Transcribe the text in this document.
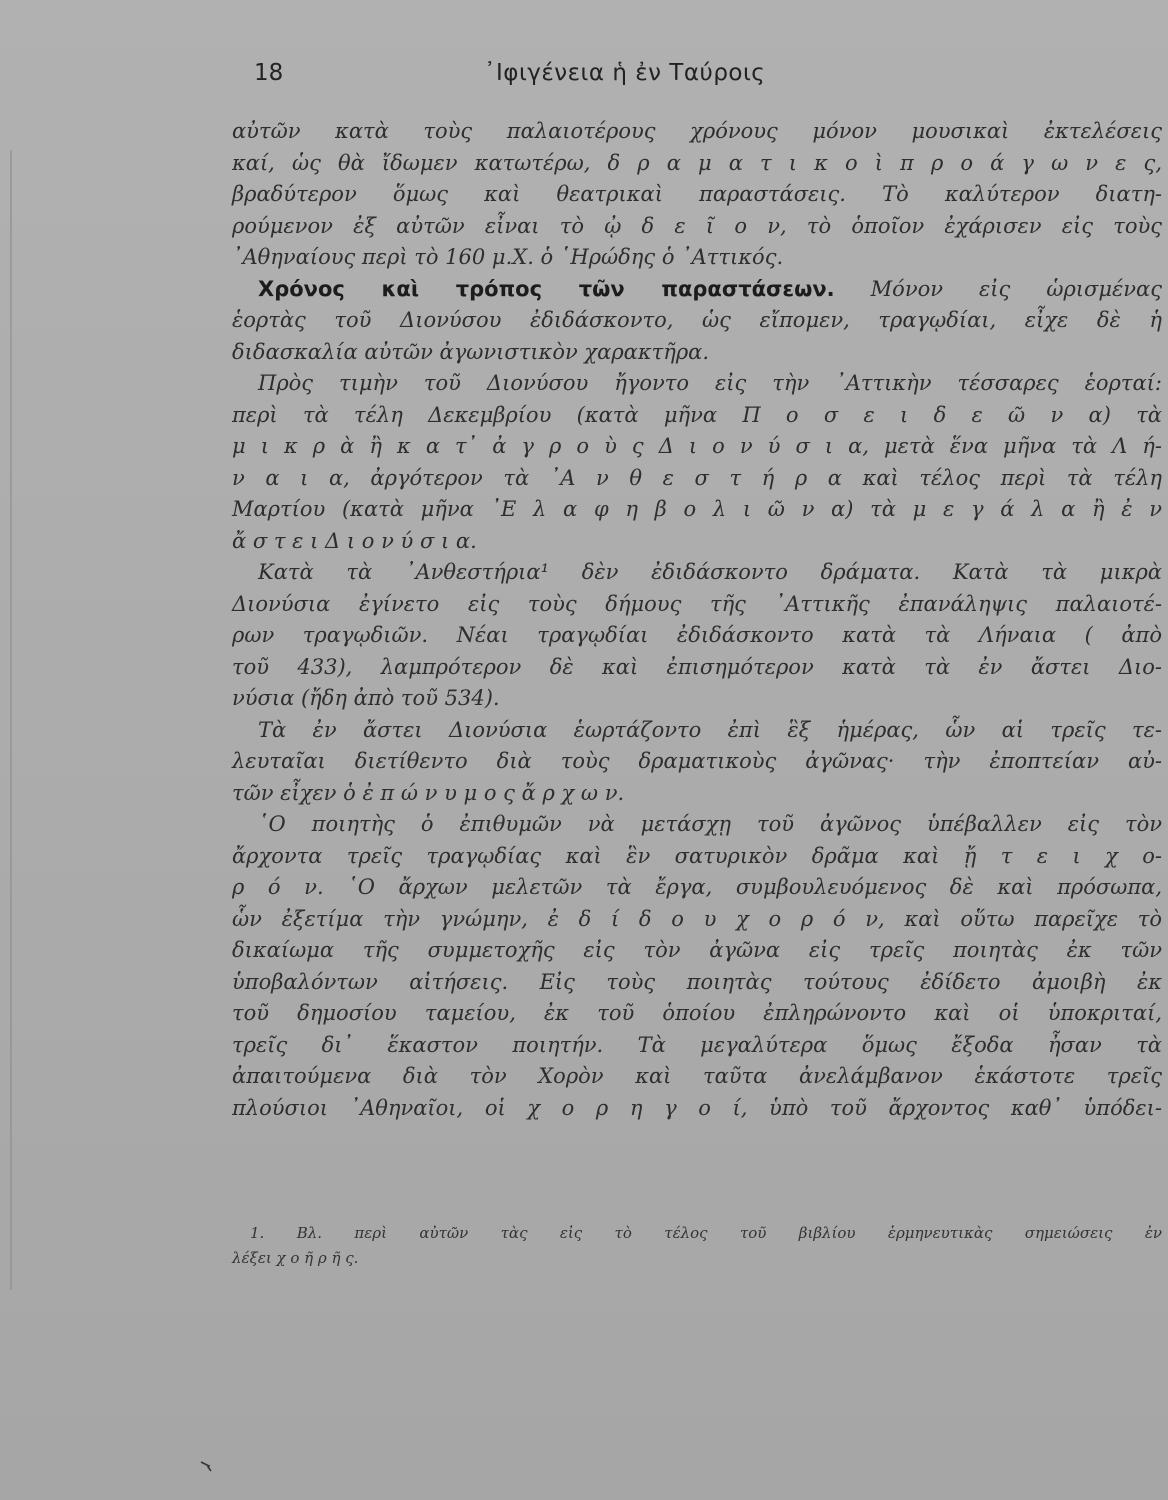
18	᾽Ιφιγένεια ἡ ἐν Ταύροις
αὐτῶν κατὰ τοὺς παλαιοτέρους χρόνους μόνον μουσικαὶ ἐκτελέσεις
καί, ὡς θὰ ἴδωμεν κατωτέρω, δ ρ α μ α τ ι κ ο ὶ π ρ ο ά γ ω ν ε ς,
βραδύτερον ὅμως καὶ θεατρικαὶ παραστάσεις. Τὸ καλύτερον διατη-
ρούμενον ἐξ αὐτῶν εἶναι τὸ ᾠ δ ε ῖ ο ν, τὸ ὁποῖον ἐχάρισεν εἰς τοὺς
᾽Αθηναίους περὶ τὸ 160 μ.Χ. ὁ ῾Ηρώδης ὁ ᾽Αττικός.
Χρόνος καὶ τρόπος τῶν παραστάσεων. Μόνον εἰς ὡρισμένας
ἑορτὰς τοῦ Διονύσου ἐδιδάσκοντο, ὡς εἴπομεν, τραγῳδίαι, εἶχε δὲ ἡ
διδασκαλία αὐτῶν ἀγωνιστικὸν χαρακτῆρα.
Πρὸς τιμὴν τοῦ Διονύσου ἤγοντο εἰς τὴν ᾽Αττικὴν τέσσαρες ἑορταί:
περὶ τὰ τέλη Δεκεμβρίου (κατὰ μῆνα Π ο σ ε ι δ ε ῶ ν α) τὰ
μ ι κ ρ ὰ ἢ κ α τ᾽ ἀ γ ρ ο ὺ ς Δ ι ο ν ύ σ ι α, μετὰ ἕνα μῆνα τὰ Λ ή-
ν α ι α, ἀργότερον τὰ ᾽Α ν θ ε σ τ ή ρ α καὶ τέλος περὶ τὰ τέλη
Μαρτίου (κατὰ μῆνα ᾽Ε λ α φ η β ο λ ι ῶ ν α) τὰ μ ε γ ά λ α ἢ ἐ ν
ἄ σ τ ε ι Δ ι ο ν ύ σ ι α.
Κατὰ τὰ ᾽Ανθεστήρια¹ δὲν ἐδιδάσκοντο δράματα. Κατὰ τὰ μικρὰ
Διονύσια ἐγίνετο εἰς τοὺς δήμους τῆς ᾽Αττικῆς ἐπανάληψις παλαιοτέ-
ρων τραγῳδιῶν. Νέαι τραγῳδίαι ἐδιδάσκοντο κατὰ τὰ Λήναια ( ἀπὸ
τοῦ 433), λαμπρότερον δὲ καὶ ἐπισημότερον κατὰ τὰ ἐν ἄστει Διο-
νύσια (ἤδη ἀπὸ τοῦ 534).
Τὰ ἐν ἄστει Διονύσια ἑωρτάζοντο ἐπὶ ἓξ ἡμέρας, ὧν αἱ τρεῖς τε-
λευταῖαι διετίθεντο διὰ τοὺς δραματικοὺς ἀγῶνας· τὴν ἐποπτείαν αὐ-
τῶν εἶχεν ὁ ἐ π ώ ν υ μ ο ς ἄ ρ χ ω ν.
῾Ο ποιητὴς ὁ ἐπιθυμῶν νὰ μετάσχῃ τοῦ ἀγῶνος ὑπέβαλλεν εἰς τὸν
ἄρχοντα τρεῖς τραγῳδίας καὶ ἓν σατυρικὸν δρᾶμα καὶ ᾔ τ ε ι χ ο-
ρ ό ν. ῾Ο ἄρχων μελετῶν τὰ ἔργα, συμβουλευόμενος δὲ καὶ πρόσωπα,
ὧν ἐξετίμα τὴν γνώμην, ἐ δ ί δ ο υ χ ο ρ ό ν, καὶ οὕτω παρεῖχε τὸ
δικαίωμα τῆς συμμετοχῆς εἰς τὸν ἀγῶνα εἰς τρεῖς ποιητὰς ἐκ τῶν
ὑποβαλόντων αἰτήσεις. Εἰς τοὺς ποιητὰς τούτους ἐδίδετο ἀμοιβὴ ἐκ
τοῦ δημοσίου ταμείου, ἐκ τοῦ ὁποίου ἐπληρώνοντο καὶ οἱ ὑποκριταί,
τρεῖς δι᾽ ἕκαστον ποιητήν. Τὰ μεγαλύτερα ὅμως ἔξοδα ἦσαν τὰ
ἀπαιτούμενα διὰ τὸν Χορὸν καὶ ταῦτα ἀνελάμβανον ἑκάστοτε τρεῖς
πλούσιοι ᾽Αθηναῖοι, οἱ χ ο ρ η γ ο ί, ὑπὸ τοῦ ἄρχοντος καθ᾽ ὑπόδει-
1. Βλ. περὶ αὐτῶν τὰς εἰς τὸ τέλος τοῦ βιβλίου ἑρμηνευτικὰς σημειώσεις ἐν
λέξει χ ο ῆ ρ ῆ ς.
